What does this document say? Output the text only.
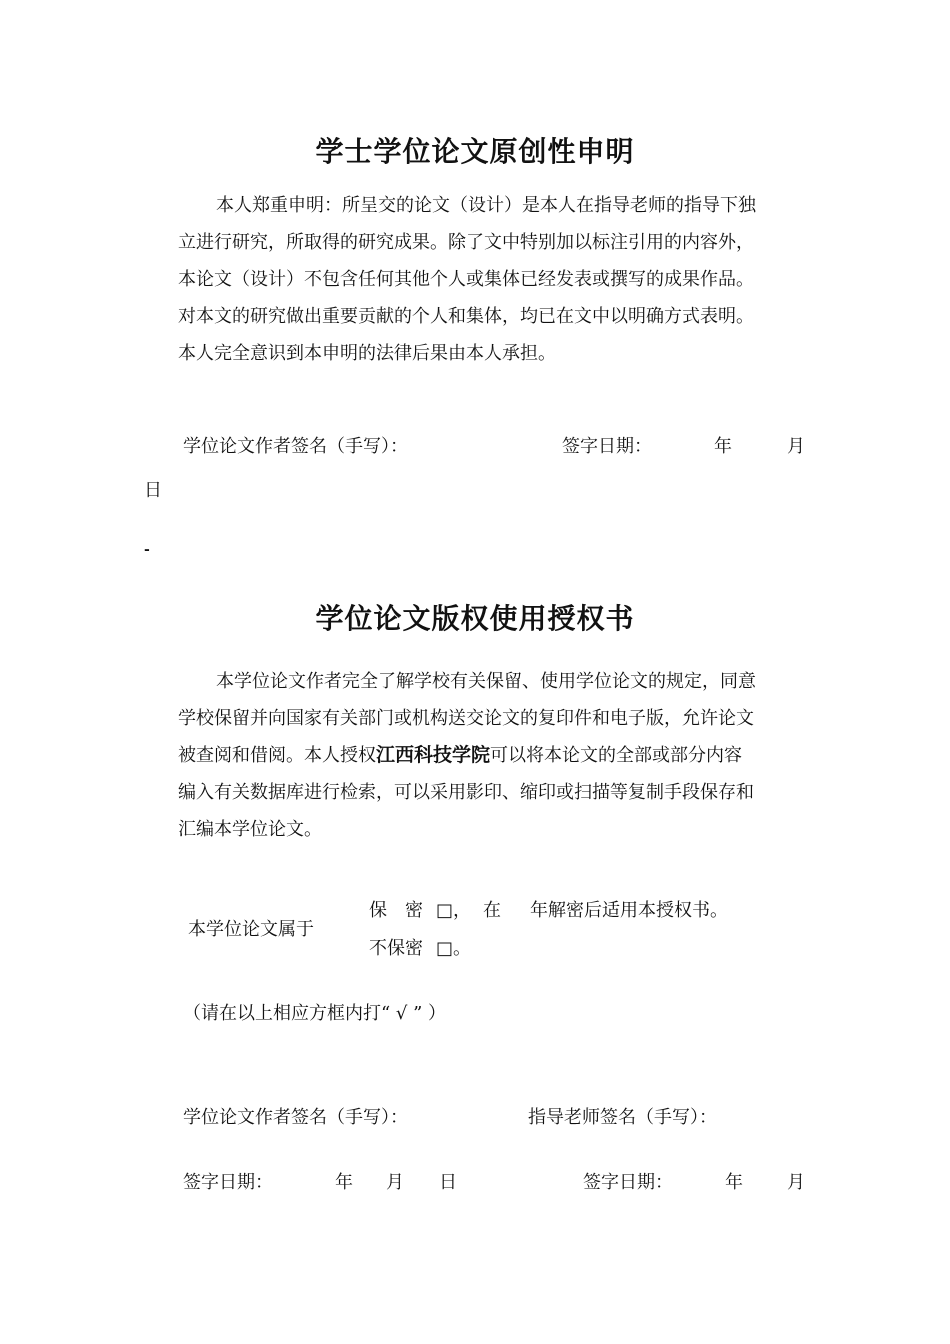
学士学位论文原创性申明
本人郑重申明：所呈交的论文（设计）是本人在指导老师的指导下独
立进行研究，所取得的研究成果。除了文中特别加以标注引用的内容外，
本论文（设计）不包含任何其他个人或集体已经发表或撰写的成果作品。
对本文的研究做出重要贡献的个人和集体，均已在文中以明确方式表明。
本人完全意识到本申明的法律后果由本人承担。
学位论文作者签名（手写）：	签字日期：	年	月
日
-
学位论文版权使用授权书
本学位论文作者完全了解学校有关保留、使用学位论文的规定，同意
学校保留并向国家有关部门或机构送交论文的复印件和电子版，允许论文
被查阅和借阅。本人授权江西科技学院可以将本论文的全部或部分内容
编入有关数据库进行检索，可以采用影印、缩印或扫描等复制手段保存和
汇编本学位论文。
本学位论文属于
保　密 □， 在 年解密后适用本授权书。
不保密 □。
（请在以上相应方框内打“ √ ” ）
学位论文作者签名（手写）：	指导老师签名（手写）：
签字日期：	年 月 日	签字日期：	年 月
